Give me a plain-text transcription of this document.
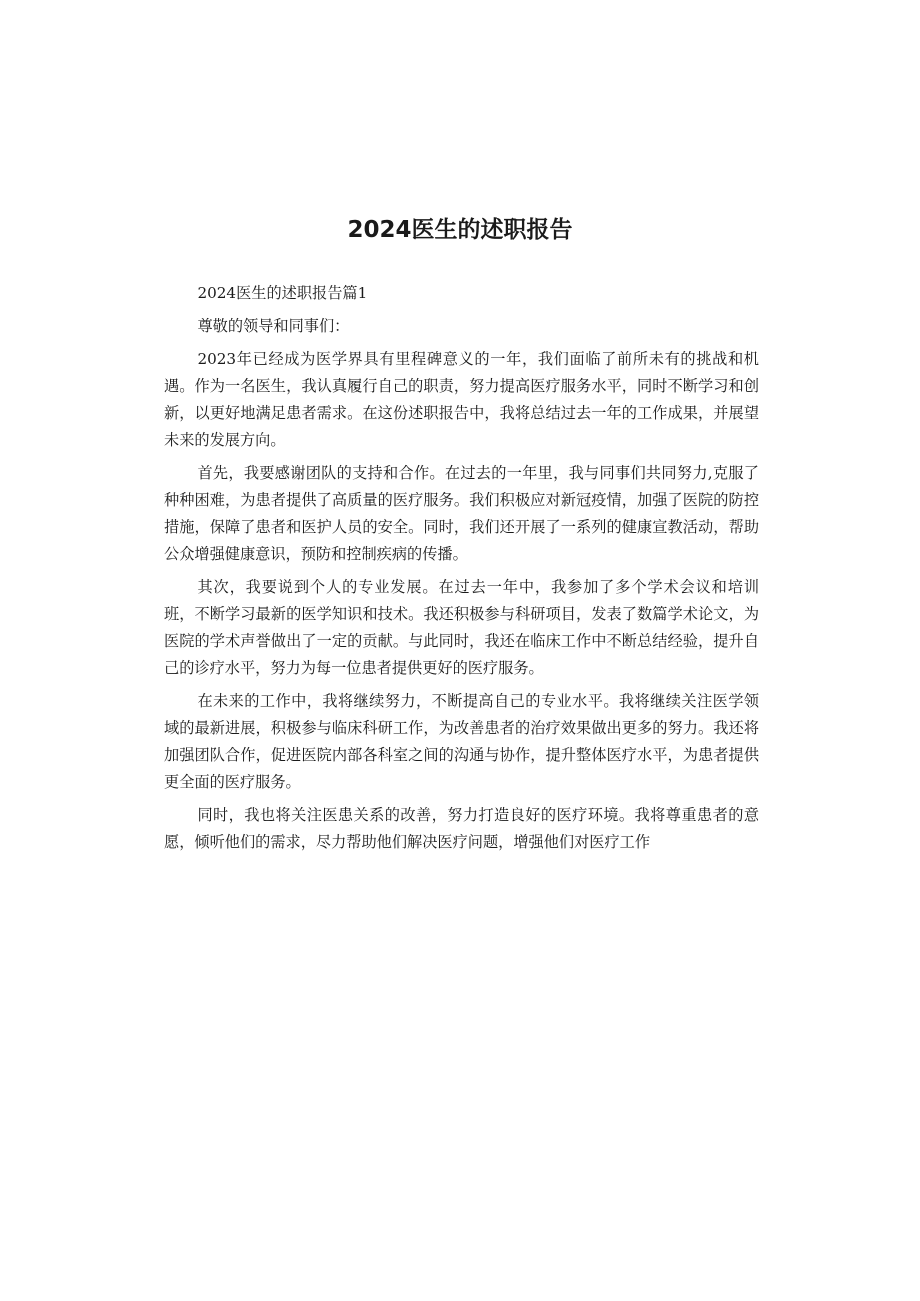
2024医生的述职报告

2024医生的述职报告篇1

尊敬的领导和同事们：

2023年已经成为医学界具有里程碑意义的一年，我们面临了前所未有的挑战和机遇。作为一名医生，我认真履行自己的职责，努力提高医疗服务水平，同时不断学习和创新，以更好地满足患者需求。在这份述职报告中，我将总结过去一年的工作成果，并展望未来的发展方向。

首先，我要感谢团队的支持和合作。在过去的一年里，我与同事们共同努力,克服了种种困难，为患者提供了高质量的医疗服务。我们积极应对新冠疫情，加强了医院的防控措施，保障了患者和医护人员的安全。同时，我们还开展了一系列的健康宣教活动，帮助公众增强健康意识，预防和控制疾病的传播。

其次，我要说到个人的专业发展。在过去一年中，我参加了多个学术会议和培训班，不断学习最新的医学知识和技术。我还积极参与科研项目，发表了数篇学术论文，为医院的学术声誉做出了一定的贡献。与此同时，我还在临床工作中不断总结经验，提升自己的诊疗水平，努力为每一位患者提供更好的医疗服务。

在未来的工作中，我将继续努力，不断提高自己的专业水平。我将继续关注医学领域的最新进展，积极参与临床科研工作，为改善患者的治疗效果做出更多的努力。我还将加强团队合作，促进医院内部各科室之间的沟通与协作，提升整体医疗水平，为患者提供更全面的医疗服务。

同时，我也将关注医患关系的改善，努力打造良好的医疗环境。我将尊重患者的意愿，倾听他们的需求，尽力帮助他们解决医疗问题，增强他们对医疗工作
